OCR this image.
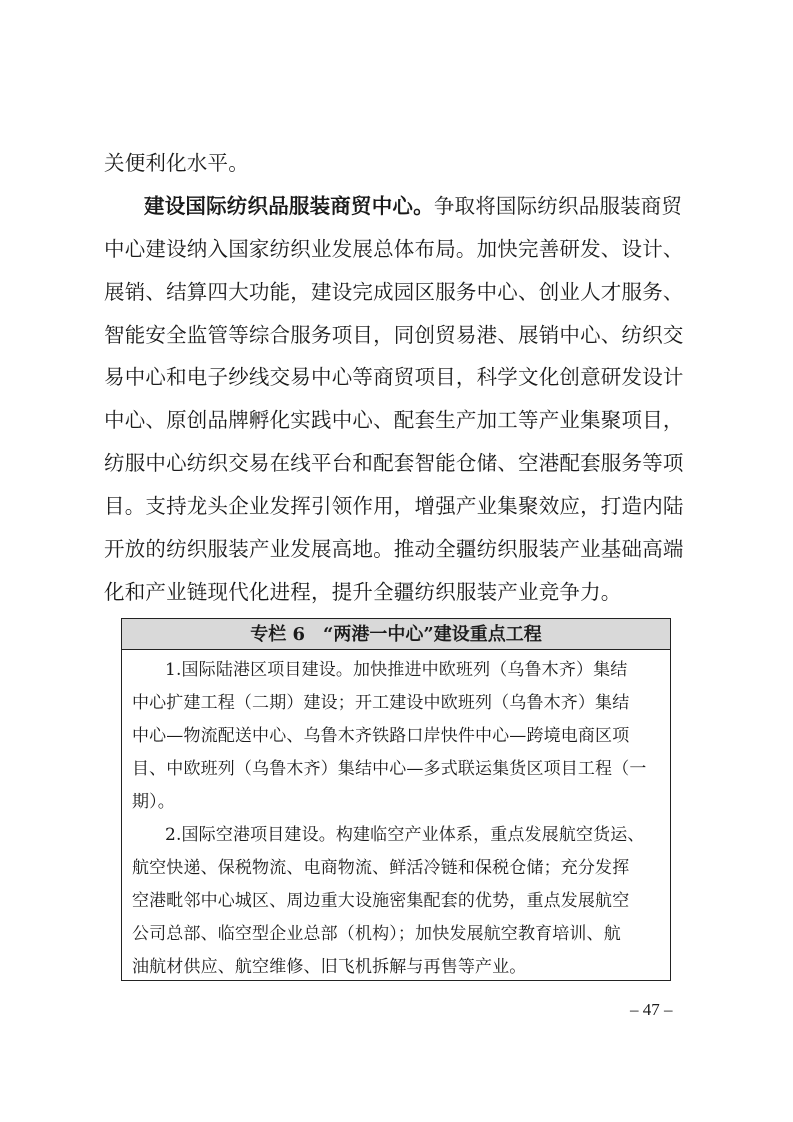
关便利化水平。
建设国际纺织品服装商贸中心。争取将国际纺织品服装商贸
中心建设纳入国家纺织业发展总体布局。加快完善研发、设计、
展销、结算四大功能，建设完成园区服务中心、创业人才服务、
智能安全监管等综合服务项目，同创贸易港、展销中心、纺织交
易中心和电子纱线交易中心等商贸项目，科学文化创意研发设计
中心、原创品牌孵化实践中心、配套生产加工等产业集聚项目，
纺服中心纺织交易在线平台和配套智能仓储、空港配套服务等项
目。支持龙头企业发挥引领作用，增强产业集聚效应，打造内陆
开放的纺织服装产业发展高地。推动全疆纺织服装产业基础高端
化和产业链现代化进程，提升全疆纺织服装产业竞争力。
专栏 6　“两港一中心”建设重点工程
1.国际陆港区项目建设。加快推进中欧班列（乌鲁木齐）集结
中心扩建工程（二期）建设；开工建设中欧班列（乌鲁木齐）集结
中心—物流配送中心、乌鲁木齐铁路口岸快件中心—跨境电商区项
目、中欧班列（乌鲁木齐）集结中心—多式联运集货区项目工程（一
期）。
2.国际空港项目建设。构建临空产业体系，重点发展航空货运、
航空快递、保税物流、电商物流、鲜活冷链和保税仓储；充分发挥
空港毗邻中心城区、周边重大设施密集配套的优势，重点发展航空
公司总部、临空型企业总部（机构）；加快发展航空教育培训、航
油航材供应、航空维修、旧飞机拆解与再售等产业。
– 47 –
